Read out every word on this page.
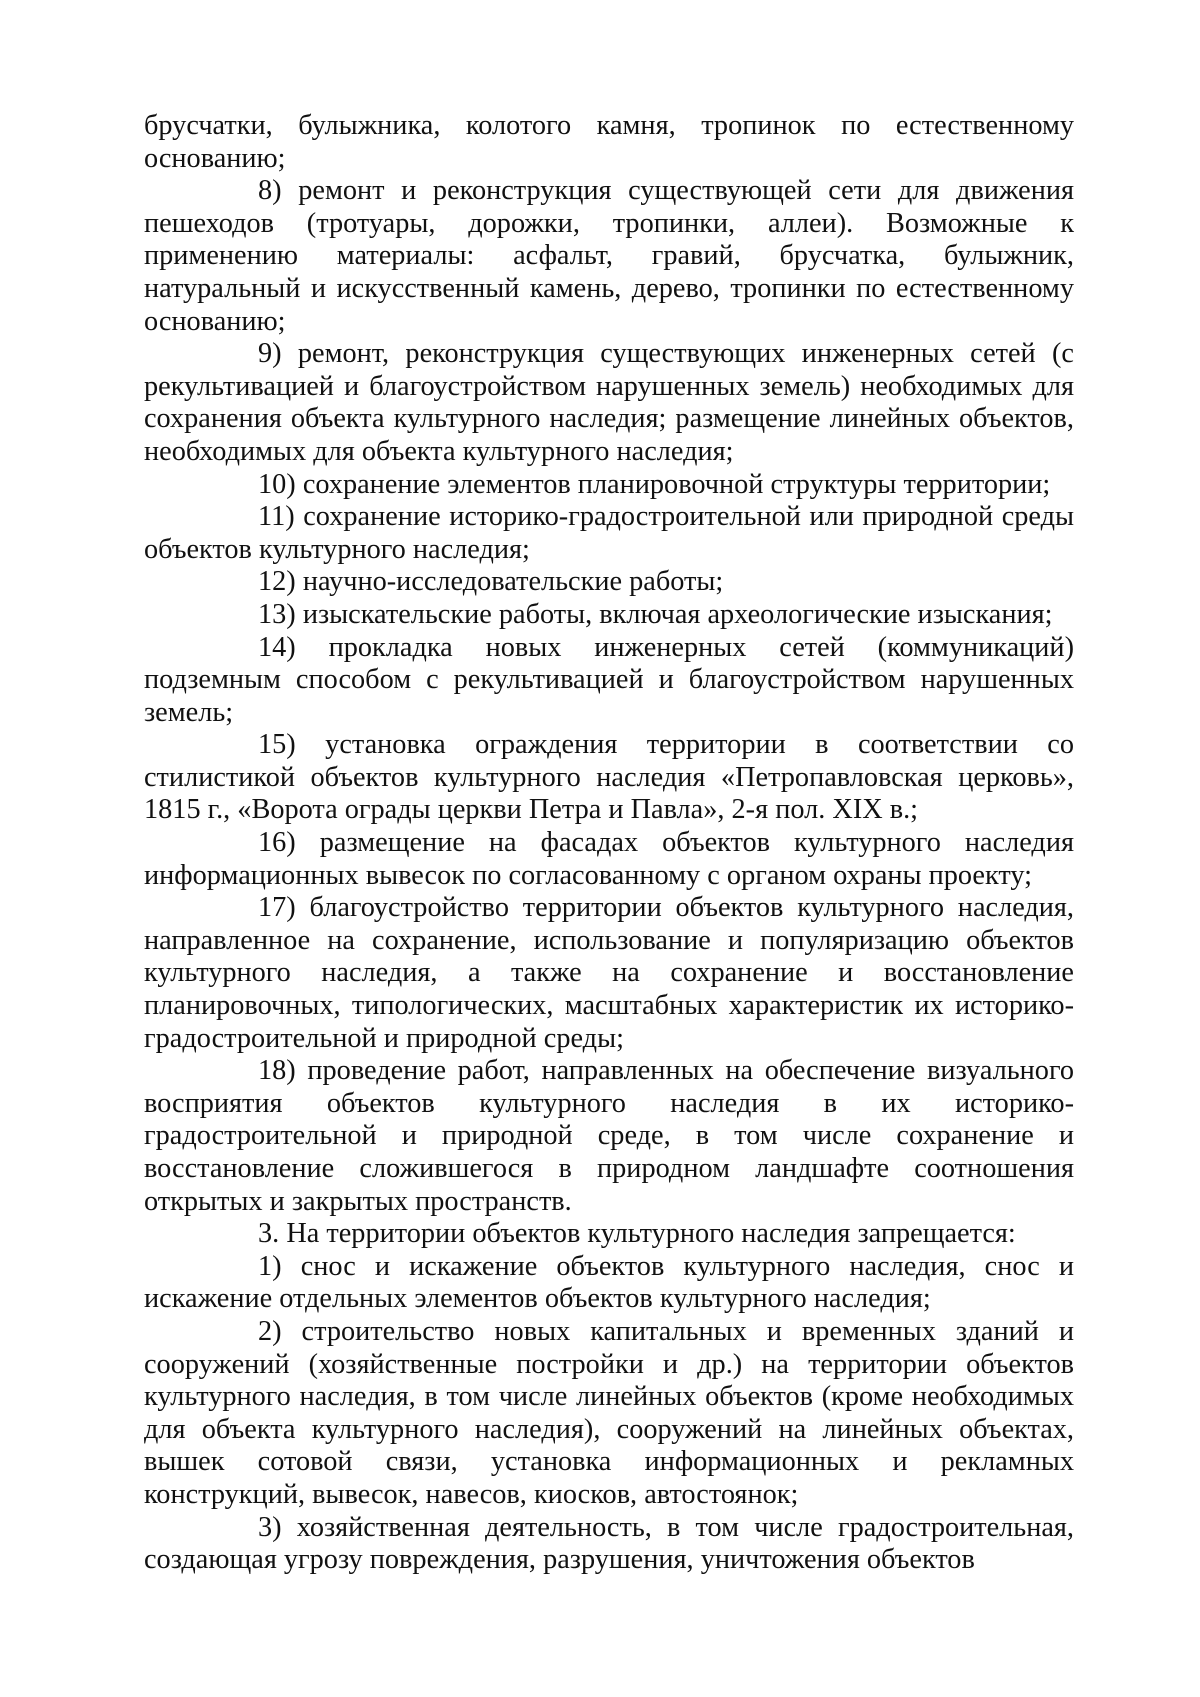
брусчатки, булыжника, колотого камня, тропинок по естественному основанию;

8) ремонт и реконструкция существующей сети для движения пешеходов (тротуары, дорожки, тропинки, аллеи). Возможные к применению материалы: асфальт, гравий, брусчатка, булыжник, натуральный и искусственный камень, дерево, тропинки по естественному основанию;

9) ремонт, реконструкция существующих инженерных сетей (с рекультивацией и благоустройством нарушенных земель) необходимых для сохранения объекта культурного наследия; размещение линейных объектов, необходимых для объекта культурного наследия;

10) сохранение элементов планировочной структуры территории;

11) сохранение историко-градостроительной или природной среды объектов культурного наследия;

12) научно-исследовательские работы;

13) изыскательские работы, включая археологические изыскания;

14) прокладка новых инженерных сетей (коммуникаций) подземным способом с рекультивацией и благоустройством нарушенных земель;

15) установка ограждения территории в соответствии со стилистикой объектов культурного наследия «Петропавловская церковь», 1815 г., «Ворота ограды церкви Петра и Павла», 2-я пол. XIX в.;

16) размещение на фасадах объектов культурного наследия информационных вывесок по согласованному с органом охраны проекту;

17) благоустройство территории объектов культурного наследия, направленное на сохранение, использование и популяризацию объектов культурного наследия, а также на сохранение и восстановление планировочных, типологических, масштабных характеристик их историко-градостроительной и природной среды;

18) проведение работ, направленных на обеспечение визуального восприятия объектов культурного наследия в их историко-градостроительной и природной среде, в том числе сохранение и восстановление сложившегося в природном ландшафте соотношения открытых и закрытых пространств.

3. На территории объектов культурного наследия запрещается:

1) снос и искажение объектов культурного наследия, снос и искажение отдельных элементов объектов культурного наследия;

2) строительство новых капитальных и временных зданий и сооружений (хозяйственные постройки и др.) на территории объектов культурного наследия, в том числе линейных объектов (кроме необходимых для объекта культурного наследия), сооружений на линейных объектах, вышек сотовой связи, установка информационных и рекламных конструкций, вывесок, навесов, киосков, автостоянок;

3) хозяйственная деятельность, в том числе градостроительная, создающая угрозу повреждения, разрушения, уничтожения объектов
